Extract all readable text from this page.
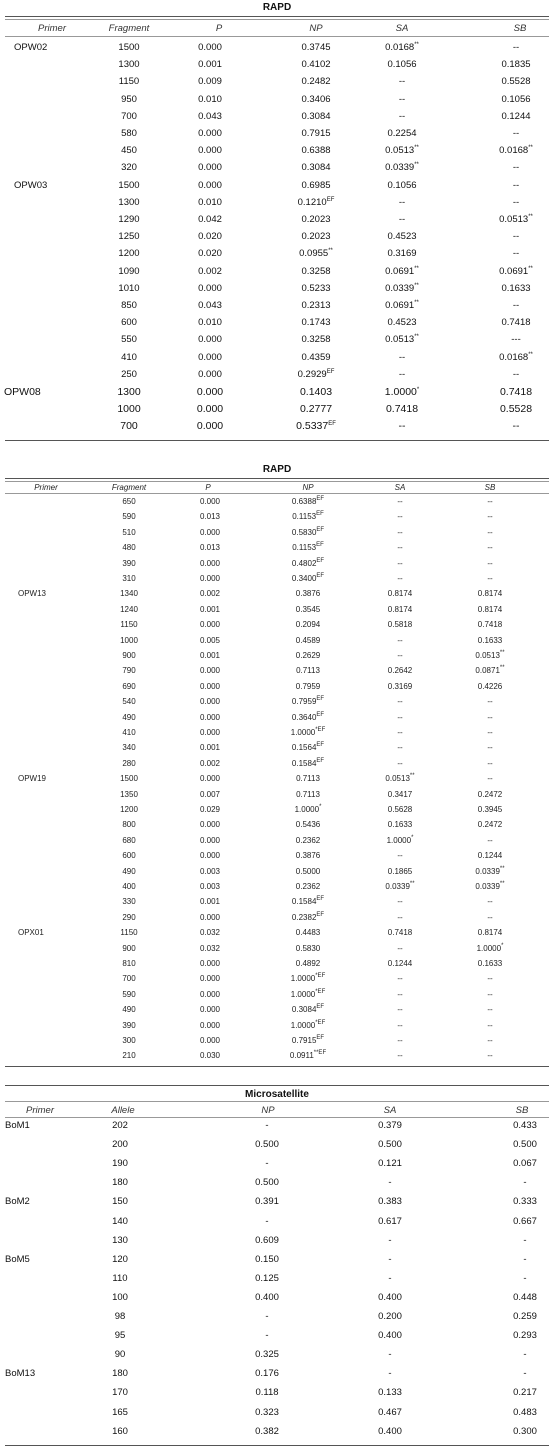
RAPD
Primer	Fragment	P	NP	SA	SB
OPW02	1500	0.000	0.3745	0.0168**	--
1300	0.001	0.4102	0.1056	0.1835
1150	0.009	0.2482	--	0.5528
950	0.010	0.3406	--	0.1056
700	0.043	0.3084	--	0.1244
580	0.000	0.7915	0.2254	--
450	0.000	0.6388	0.0513**	0.0168**
320	0.000	0.3084	0.0339**	--
OPW03	1500	0.000	0.6985	0.1056	--
1300	0.010	$0.1210^{EF}$	--	--
1290	0.042	0.2023	--	0.0513**
1250	0.020	0.2023	0.4523	--
1200	0.020	0.0955**	0.3169	--
1090	0.002	0.3258	0.0691**	0.0691**
1010	0.000	0.5233	0.0339**	0.1633
850	0.043	0.2313	0.0691**	--
600	0.010	0.1743	0.4523	0.7418
550	0.000	0.3258	0.0513**	---
410	0.000	0.4359	--	0.0168**
250	0.000	$0.2929^{EF}$	--	--
OPW08	1300	0.000	0.1403	1.0000*	0.7418
1000	0.000	0.2777	0.7418	0.5528
700	0.000	$0.5337^{EF}$	--	--
RAPD
Primer	Fragment	P	NP	SA	SB
650	0.000	$0.6388^{EF}$	--	--
590	0.013	$0.1153^{EF}$	--	--
510	0.000	$0.5830^{EF}$	--	--
480	0.013	$0.1153^{EF}$	--	--
390	0.000	$0.4802^{EF}$	--	--
310	0.000	$0.3400^{EF}$	--	--
OPW13	1340	0.002	0.3876	0.8174	0.8174
1240	0.001	0.3545	0.8174	0.8174
1150	0.000	0.2094	0.5818	0.7418
1000	0.005	0.4589	--	0.1633
900	0.001	0.2629	--	0.0513**
790	0.000	0.7113	0.2642	0.0871**
690	0.000	0.7959	0.3169	0.4226
540	0.000	$0.7959^{EF}$	--	--
490	0.000	$0.3640^{EF}$	--	--
410	0.000	$1.0000^{*EF}$	--	--
340	0.001	$0.1564^{EF}$	--	--
280	0.002	$0.1584^{EF}$	--	--
OPW19	1500	0.000	0.7113	0.0513**	--
1350	0.007	0.7113	0.3417	0.2472
1200	0.029	1.0000*	0.5628	0.3945
800	0.000	0.5436	0.1633	0.2472
680	0.000	0.2362	1.0000*	--
600	0.000	0.3876	--	0.1244
490	0.003	0.5000	0.1865	0.0339**
400	0.003	0.2362	0.0339**	0.0339**
330	0.001	$0.1584^{EF}$	--	--
290	0.000	$0.2382^{EF}$	--	--
OPX01	1150	0.032	0.4483	0.7418	0.8174
900	0.032	0.5830	--	1.0000*
810	0.000	0.4892	0.1244	0.1633
700	0.000	$1.0000^{*EF}$	--	--
590	0.000	$1.0000^{*EF}$	--	--
490	0.000	$0.3084^{EF}$	--	--
390	0.000	$1.0000^{*EF}$	--	--
300	0.000	$0.7915^{EF}$	--	--
210	0.030	$0.0911^{**EF}$	--	--
Microsatellite
Primer	Allele	NP	SA	SB
BoM1	202	-	0.379	0.433
200	0.500	0.500	0.500
190	-	0.121	0.067
180	0.500	-	-
BoM2	150	0.391	0.383	0.333
140	-	0.617	0.667
130	0.609	-	-
BoM5	120	0.150	-	-
110	0.125	-	-
100	0.400	0.400	0.448
98	-	0.200	0.259
95	-	0.400	0.293
90	0.325	-	-
BoM13	180	0.176	-	-
170	0.118	0.133	0.217
165	0.323	0.467	0.483
160	0.382	0.400	0.300
